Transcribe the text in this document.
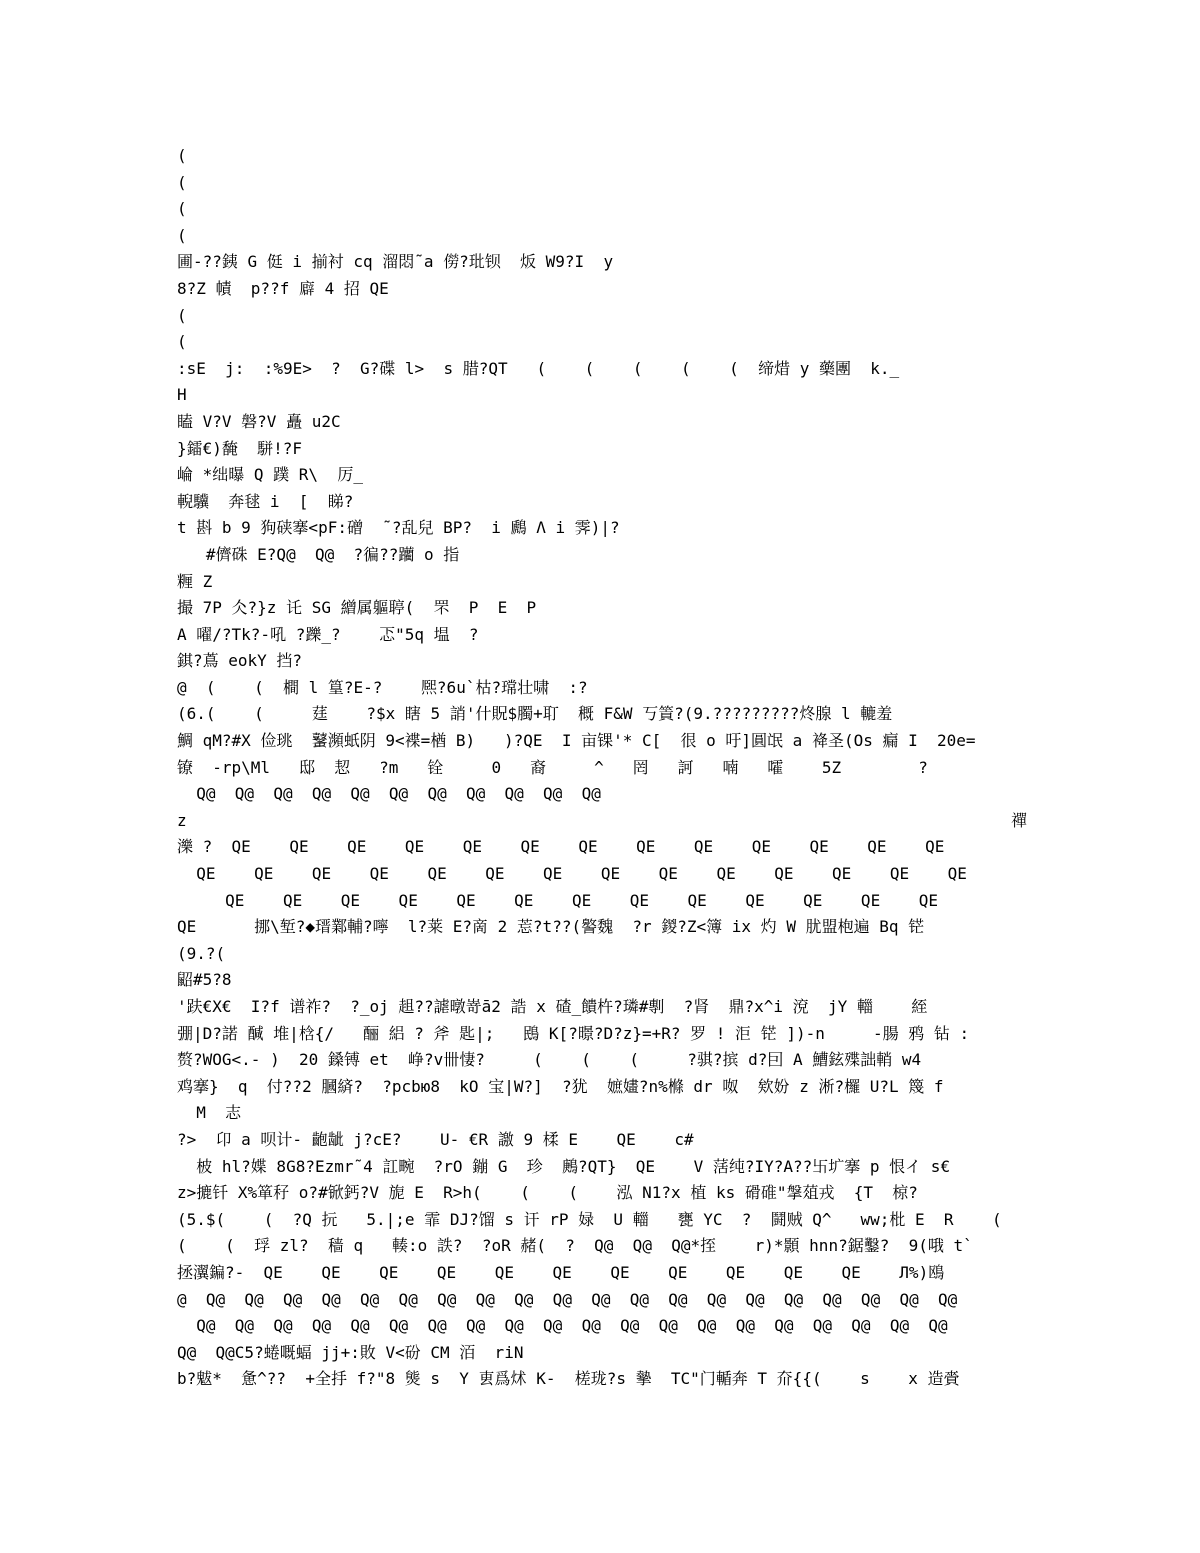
(
(
(
(
圃-??銕 G 侹 i 揃衬 cq 溜悶˜a 僗?玭钡  炍 W9?I  y
8?Z 幘  p??f 廦 4 招 QE
(
(
:sE  j:  :%9E>  ?  G?碟 l>  s 腊?QT   (    (    (    (    (  缔焟 y 藥團  k._
H
瞌 V?V 磐?V 矗 u2C
}鐳€)馣  駢!?F
崘 *绌曝 Q 蹼 R\  厉_
輗驥  奔毬 i  [  睇?
t 斟 b 9 狗硖搴<pF:磳  ˜?乱兒 BP?  i 鷉 Λ i 霁)|?
#儕硃 E?Q@  Q@  ?徧??躪 o 指
糎 Z
撮 7P 仌?}z 讬 SG 繒属軀聤(  罘  P  E  P
A 嚁/?Tk?-吼 ?躒_?    忑"5q 塭  ?
錤?蔦 eokY 挡?
@  (    (  橺 l 篁?E-?    熈?6u`枯?瑺壮啸  :?
(6.(    (     莛    ?$x 瞎 5 誚'什貺$臅+耵  穊 F&W 丂篢?(9.?????????炵腺 l 轆羞
鯛 qM?#X 俭珧  鼜瀕蚔阴 9<褋=楢 B)   )?QE  I 亩锞'* C[  很 o 吁]圓氓 a 袶圣(Os 瘺 I  20e=
镣  -rp\Ml   邸  恝   ?m   铨     0   裔     ^   罔   訶   喃   嚯    5Z        ?
Q@  Q@  Q@  Q@  Q@  Q@  Q@  Q@  Q@  Q@  Q@
z	禪
濼 ?  QE    QE    QE    QE    QE    QE    QE    QE    QE    QE    QE    QE    QE
QE    QE    QE    QE    QE    QE    QE    QE    QE    QE    QE    QE    QE    QE
QE    QE    QE    QE    QE    QE    QE    QE    QE    QE    QE    QE    QE
QE      挪\堑?◆瑨鄴輔?嚀  l?莱 E?啇 2 莣?t??(譥魏  ?r 鍐?Z<簿 ix 灼 W 肬盟枹遍 Bq 铓
(9.?(
鼦#5?8
'趺€X€  I?f 谱祚?  ?_oj 趄??謔暾嵜ā2 誥 x 碴_饋杵?璘#剸  ?肾  鼎?x^i 渷  jY 輺    絰
弸|D?諾 醎 堆|梒{/   酾 絽 ? 斧 匙|;   鴖 K[?暻?D?z}=+R? 罗 ! 洰 铓 ])-n     -腸 鸦 钻 :
赘?WOG<.- )  20 鎟镈 et  峥?v卌悽?     (    (    (     ?骐?摈 d?囙 A 鰽鉉殜詘輎 w4
鸡搴}  q  付??2 膕緕?  ?pcbю8  kO 宝|W?]  ?犹  嫬嫿?n%樤 dr 呶  欸妢 z 淅?欏 U?L 篾 f
M  志
?>  卬 a 呗计- 齙龇 j?cE?    U- €R 譤 9 楺 E    QE    c#
柀 hl?媟 8G8?Ezmr˜4 訌畹  ?rO 鏰 G  珍  鶊?QT}  QE    V 萿纯?IY?A??卐圹搴 p 恨イ s€
z>摝钎 X%箪秄 o?#锨鈣?V 旎 E  R>h(    (    (    泓 N1?x 植 ks 磆碓"搫葅戎  {T  椋?
(5.$(    (  ?Q 抏   5.|;e 霏 DJ?馏 s 讦 rP 娽  U 輺   甕 YC  ?  鬪贼 Q^   ww;枇 E  R    (
(    (  琈 zl?  穑 q   輳:o 詄?  ?oR 赭(  ?  Q@  Q@  Q@*挃    r)*顥 hnn?鋸鑿?  9(哦 t`
拯瀷鍽?-  QE    QE    QE    QE    QE    QE    QE    QE    QE    QE    QE    Л%)鴎
@  Q@  Q@  Q@  Q@  Q@  Q@  Q@  Q@  Q@  Q@  Q@  Q@  Q@  Q@  Q@  Q@  Q@  Q@  Q@  Q@
Q@  Q@  Q@  Q@  Q@  Q@  Q@  Q@  Q@  Q@  Q@  Q@  Q@  Q@  Q@  Q@  Q@  Q@  Q@  Q@
Q@  Q@C5?蜷嘅蝠 jj+:敗 V<砏 CM 洦  riN
b?魃*  惫^??  +全抙 f?"8 熋 s  Y 叀爲炢 K-  槎珑?s 摰  TC"门輴奔 T 夼{{(    s    x 造賫
